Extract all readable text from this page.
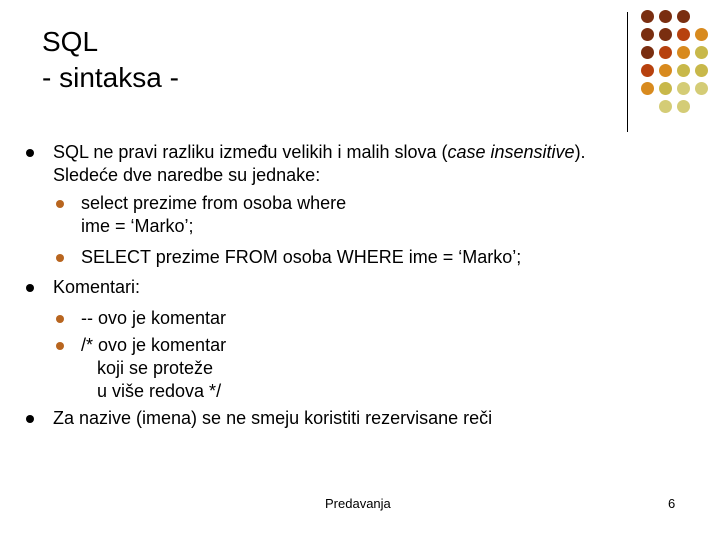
SQL
- sintaksa -
SQL ne pravi razliku između velikih i malih slova (case insensitive).
Sledeće dve naredbe su jednake:
select prezime from osoba where
ime = ‘Marko’;
SELECT prezime FROM osoba WHERE ime = ‘Marko’;
Komentari:
-- ovo je komentar
/* ovo je komentar
koji se proteže
u više redova */
Za nazive (imena) se ne smeju koristiti rezervisane reči
Predavanja	6
